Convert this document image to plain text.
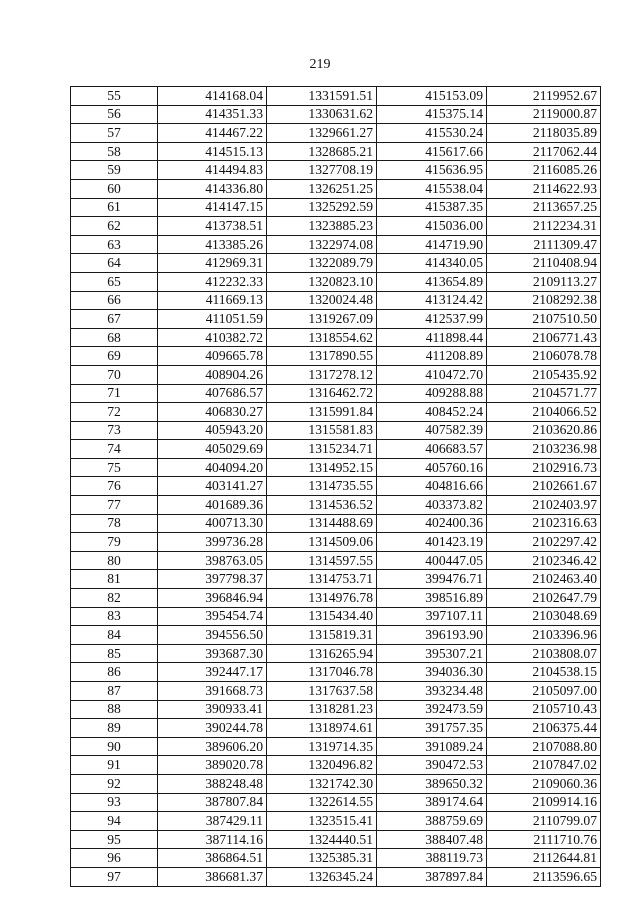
219
55	414168.04	1331591.51	415153.09	2119952.67
56	414351.33	1330631.62	415375.14	2119000.87
57	414467.22	1329661.27	415530.24	2118035.89
58	414515.13	1328685.21	415617.66	2117062.44
59	414494.83	1327708.19	415636.95	2116085.26
60	414336.80	1326251.25	415538.04	2114622.93
61	414147.15	1325292.59	415387.35	2113657.25
62	413738.51	1323885.23	415036.00	2112234.31
63	413385.26	1322974.08	414719.90	2111309.47
64	412969.31	1322089.79	414340.05	2110408.94
65	412232.33	1320823.10	413654.89	2109113.27
66	411669.13	1320024.48	413124.42	2108292.38
67	411051.59	1319267.09	412537.99	2107510.50
68	410382.72	1318554.62	411898.44	2106771.43
69	409665.78	1317890.55	411208.89	2106078.78
70	408904.26	1317278.12	410472.70	2105435.92
71	407686.57	1316462.72	409288.88	2104571.77
72	406830.27	1315991.84	408452.24	2104066.52
73	405943.20	1315581.83	407582.39	2103620.86
74	405029.69	1315234.71	406683.57	2103236.98
75	404094.20	1314952.15	405760.16	2102916.73
76	403141.27	1314735.55	404816.66	2102661.67
77	401689.36	1314536.52	403373.82	2102403.97
78	400713.30	1314488.69	402400.36	2102316.63
79	399736.28	1314509.06	401423.19	2102297.42
80	398763.05	1314597.55	400447.05	2102346.42
81	397798.37	1314753.71	399476.71	2102463.40
82	396846.94	1314976.78	398516.89	2102647.79
83	395454.74	1315434.40	397107.11	2103048.69
84	394556.50	1315819.31	396193.90	2103396.96
85	393687.30	1316265.94	395307.21	2103808.07
86	392447.17	1317046.78	394036.30	2104538.15
87	391668.73	1317637.58	393234.48	2105097.00
88	390933.41	1318281.23	392473.59	2105710.43
89	390244.78	1318974.61	391757.35	2106375.44
90	389606.20	1319714.35	391089.24	2107088.80
91	389020.78	1320496.82	390472.53	2107847.02
92	388248.48	1321742.30	389650.32	2109060.36
93	387807.84	1322614.55	389174.64	2109914.16
94	387429.11	1323515.41	388759.69	2110799.07
95	387114.16	1324440.51	388407.48	2111710.76
96	386864.51	1325385.31	388119.73	2112644.81
97	386681.37	1326345.24	387897.84	2113596.65
